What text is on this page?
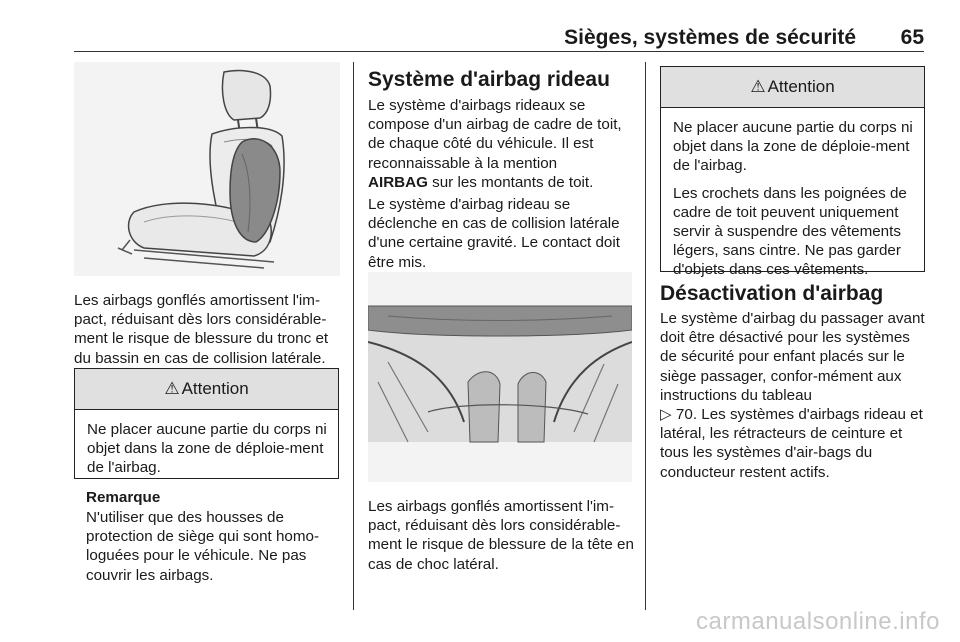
Sièges, systèmes de sécurité 65

Les airbags gonflés amortissent l'im-pact, réduisant dès lors considérable-ment le risque de blessure du tronc et du bassin en cas de collision latérale.

⚠ Attention

Ne placer aucune partie du corps ni objet dans la zone de déploie-ment de l'airbag.

Remarque

N'utiliser que des housses de protection de siège qui sont homo-loguées pour le véhicule. Ne pas couvrir les airbags.

Système d'airbag rideau

Le système d'airbags rideaux se compose d'un airbag de cadre de toit, de chaque côté du véhicule. Il est reconnaissable à la mention
AIRBAG sur les montants de toit.

Le système d'airbag rideau se déclenche en cas de collision latérale d'une certaine gravité. Le contact doit être mis.

Les airbags gonflés amortissent l'im-pact, réduisant dès lors considérable-ment le risque de blessure de la tête en cas de choc latéral.

⚠ Attention

Ne placer aucune partie du corps ni objet dans la zone de déploie-ment de l'airbag.

Les crochets dans les poignées de cadre de toit peuvent uniquement servir à suspendre des vêtements légers, sans cintre. Ne pas garder d'objets dans ces vêtements.

Désactivation d'airbag

Le système d'airbag du passager avant doit être désactivé pour les systèmes de sécurité pour enfant placés sur le siège passager, confor-mément aux instructions du tableau
▷ 70. Les systèmes d'airbags rideau et latéral, les rétracteurs de ceinture et tous les systèmes d'air-bags du conducteur restent actifs.

carmanualsonline.info
